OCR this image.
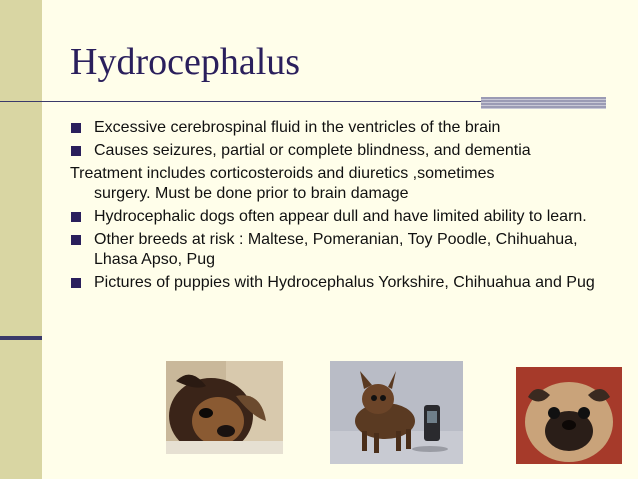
Hydrocephalus
Excessive cerebrospinal fluid in the ventricles of the brain
Causes seizures, partial or complete blindness, and dementia
Treatment includes corticosteroids and diuretics ,sometimes
surgery. Must be done prior to brain damage
Hydrocephalic dogs often appear dull and have limited ability to learn.
Other breeds at risk : Maltese, Pomeranian, Toy Poodle, Chihuahua, Lhasa Apso, Pug
Pictures of puppies with Hydrocephalus Yorkshire, Chihuahua and Pug
